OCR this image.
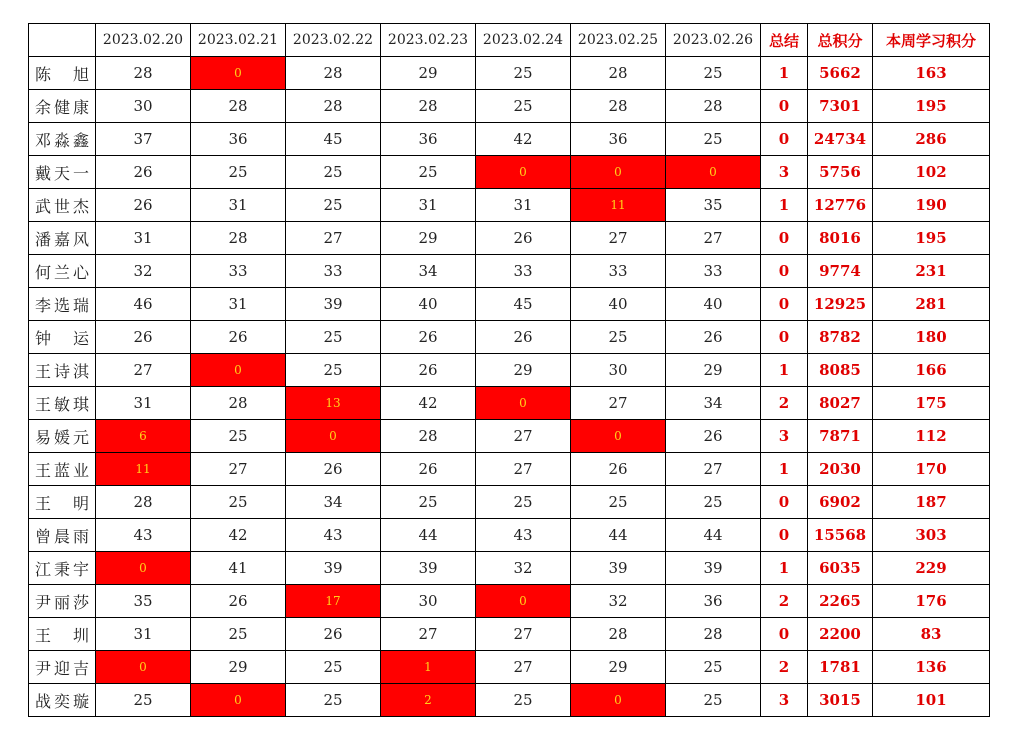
	2023.02.20	2023.02.21	2023.02.22	2023.02.23	2023.02.24	2023.02.25	2023.02.26	总结	总积分	本周学习积分
陈 旭	28	0	28	29	25	28	25	1	5662	163
余健康	30	28	28	28	25	28	28	0	7301	195
邓淼鑫	37	36	45	36	42	36	25	0	24734	286
戴天一	26	25	25	25	0	0	0	3	5756	102
武世杰	26	31	25	31	31	11	35	1	12776	190
潘嘉风	31	28	27	29	26	27	27	0	8016	195
何兰心	32	33	33	34	33	33	33	0	9774	231
李选瑞	46	31	39	40	45	40	40	0	12925	281
钟 运	26	26	25	26	26	25	26	0	8782	180
王诗淇	27	0	25	26	29	30	29	1	8085	166
王敏琪	31	28	13	42	0	27	34	2	8027	175
易媛元	6	25	0	28	27	0	26	3	7871	112
王蓝业	11	27	26	26	27	26	27	1	2030	170
王 明	28	25	34	25	25	25	25	0	6902	187
曾晨雨	43	42	43	44	43	44	44	0	15568	303
江秉宇	0	41	39	39	32	39	39	1	6035	229
尹丽莎	35	26	17	30	0	32	36	2	2265	176
王 圳	31	25	26	27	27	28	28	0	2200	83
尹迎吉	0	29	25	1	27	29	25	2	1781	136
战奕璇	25	0	25	2	25	0	25	3	3015	101
